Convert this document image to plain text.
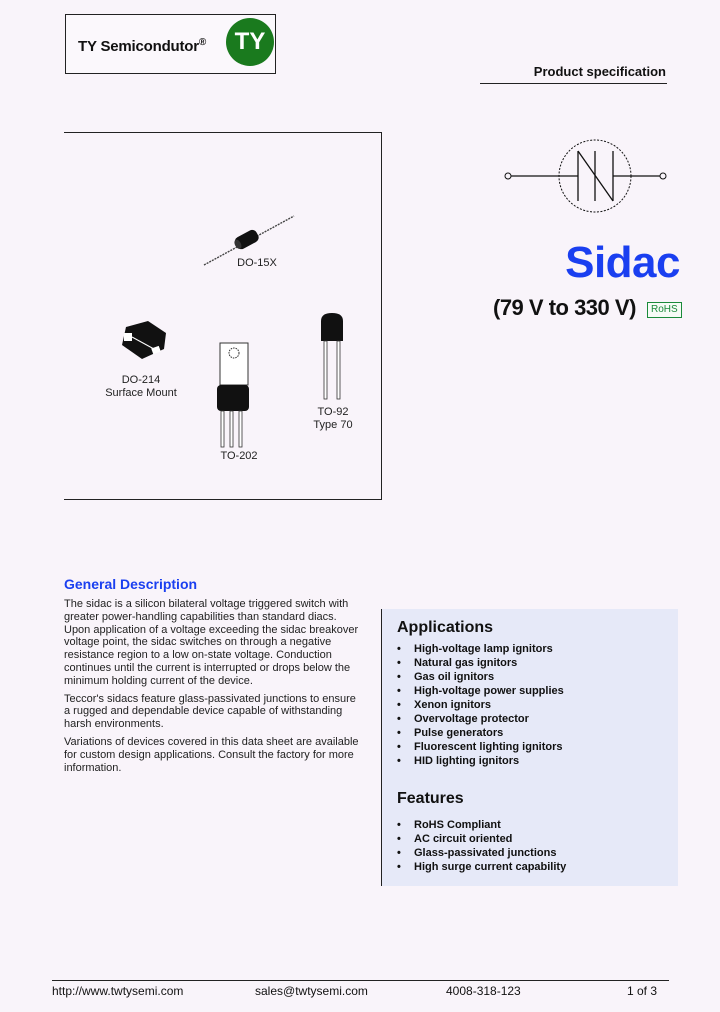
TY Semicondutor® TY
Product specification
DO-15X
DO-214
Surface Mount
TO-202
TO-92
Type 70
Sidac
(79 V to 330 V)	RoHS
General Description

The sidac is a silicon bilateral voltage triggered switch with greater power-handling capabilities than standard diacs. Upon application of a voltage exceeding the sidac breakover voltage point, the sidac switches on through a negative resistance region to a low on-state voltage. Conduction continues until the current is interrupted or drops below the minimum holding current of the device.

Teccor's sidacs feature glass-passivated junctions to ensure a rugged and dependable device capable of withstanding harsh environments.

Variations of devices covered in this data sheet are available for custom design applications. Consult the factory for more information.

Applications
• High-voltage lamp ignitors
• Natural gas ignitors
• Gas oil ignitors
• High-voltage power supplies
• Xenon ignitors
• Overvoltage protector
• Pulse generators
• Fluorescent lighting ignitors
• HID lighting ignitors
Features
• RoHS Compliant
• AC circuit oriented
• Glass-passivated junctions
• High surge current capability
http://www.twtysemi.com	sales@twtysemi.com	4008-318-123	1 of 3
